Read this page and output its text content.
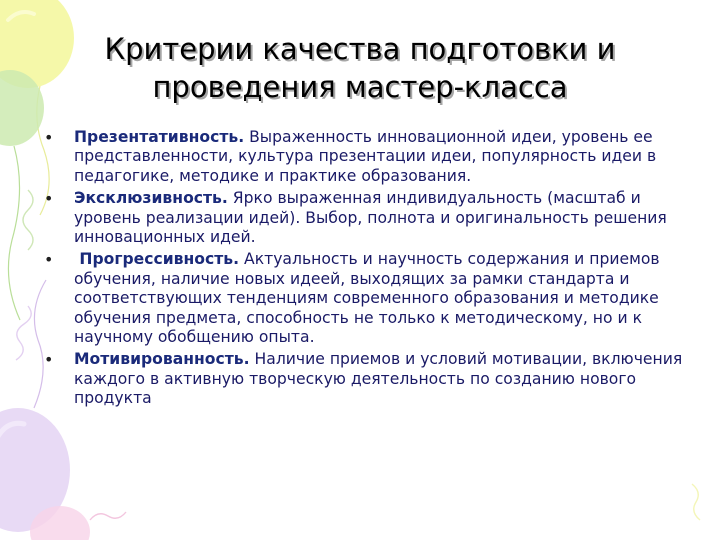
Критерии качества подготовки и
проведения мастер-класса
• Презентативность. Выраженность инновационной идеи, уровень ее представленности, культура презентации идеи, популярность идеи в педагогике, методике и практике образования.
• Эксклюзивность. Ярко выраженная индивидуальность (масштаб и уровень реализации идей). Выбор, полнота и оригинальность решения инновационных идей.
• Прогрессивность. Актуальность и научность содержания и приемов обучения, наличие новых идеей, выходящих за рамки стандарта и соответствующих тенденциям современного образования и методике обучения предмета, способность не только к методическому, но и к научному обобщению опыта.
• Мотивированность. Наличие приемов и условий мотивации, включения каждого в активную творческую деятельность по созданию нового продукта
